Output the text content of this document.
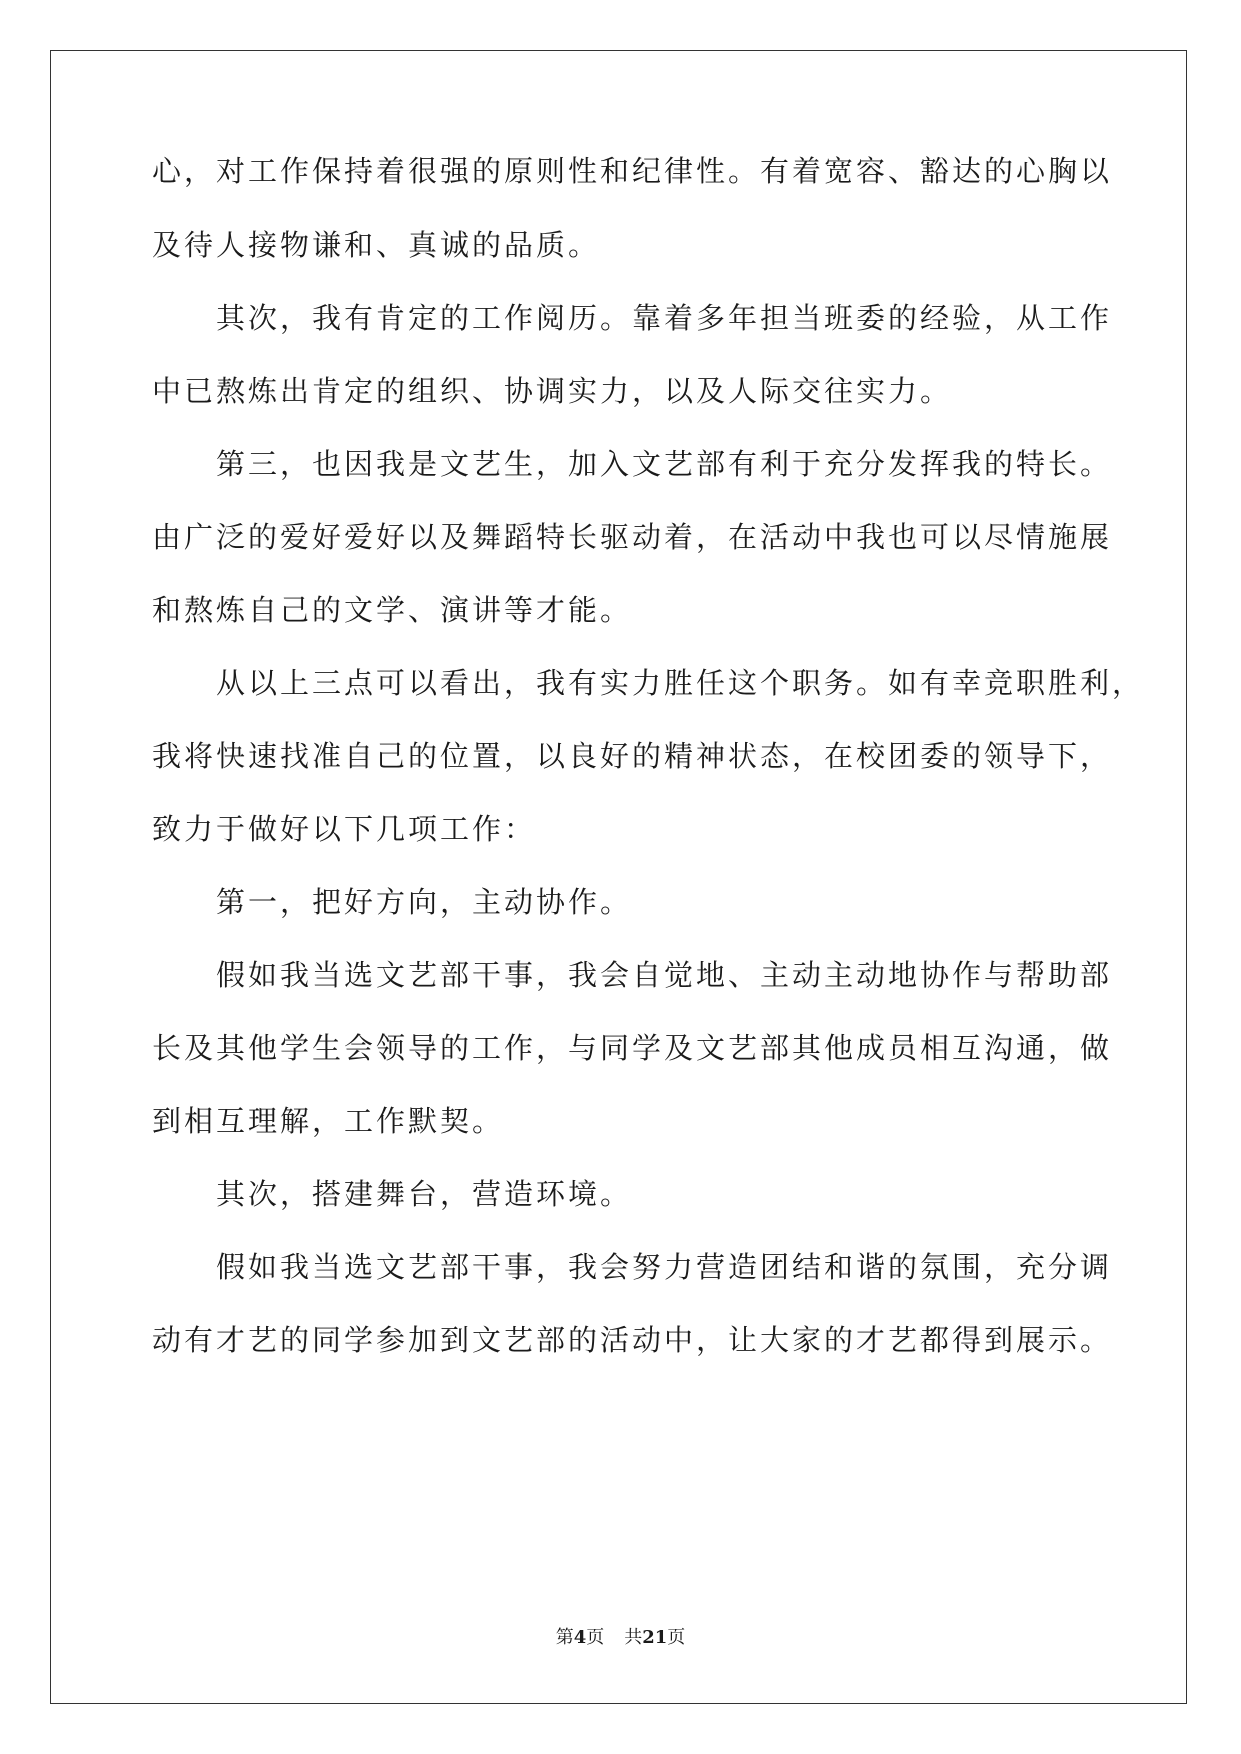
心，对工作保持着很强的原则性和纪律性。有着宽容、豁达的心胸以
及待人接物谦和、真诚的品质。
其次，我有肯定的工作阅历。靠着多年担当班委的经验，从工作
中已熬炼出肯定的组织、协调实力，以及人际交往实力。
第三，也因我是文艺生，加入文艺部有利于充分发挥我的特长。
由广泛的爱好爱好以及舞蹈特长驱动着，在活动中我也可以尽情施展
和熬炼自己的文学、演讲等才能。
从以上三点可以看出，我有实力胜任这个职务。如有幸竞职胜利，
我将快速找准自己的位置，以良好的精神状态，在校团委的领导下，
致力于做好以下几项工作：
第一，把好方向，主动协作。
假如我当选文艺部干事，我会自觉地、主动主动地协作与帮助部
长及其他学生会领导的工作，与同学及文艺部其他成员相互沟通，做
到相互理解，工作默契。
其次，搭建舞台，营造环境。
假如我当选文艺部干事，我会努力营造团结和谐的氛围，充分调
动有才艺的同学参加到文艺部的活动中，让大家的才艺都得到展示。
第4页 共21页
